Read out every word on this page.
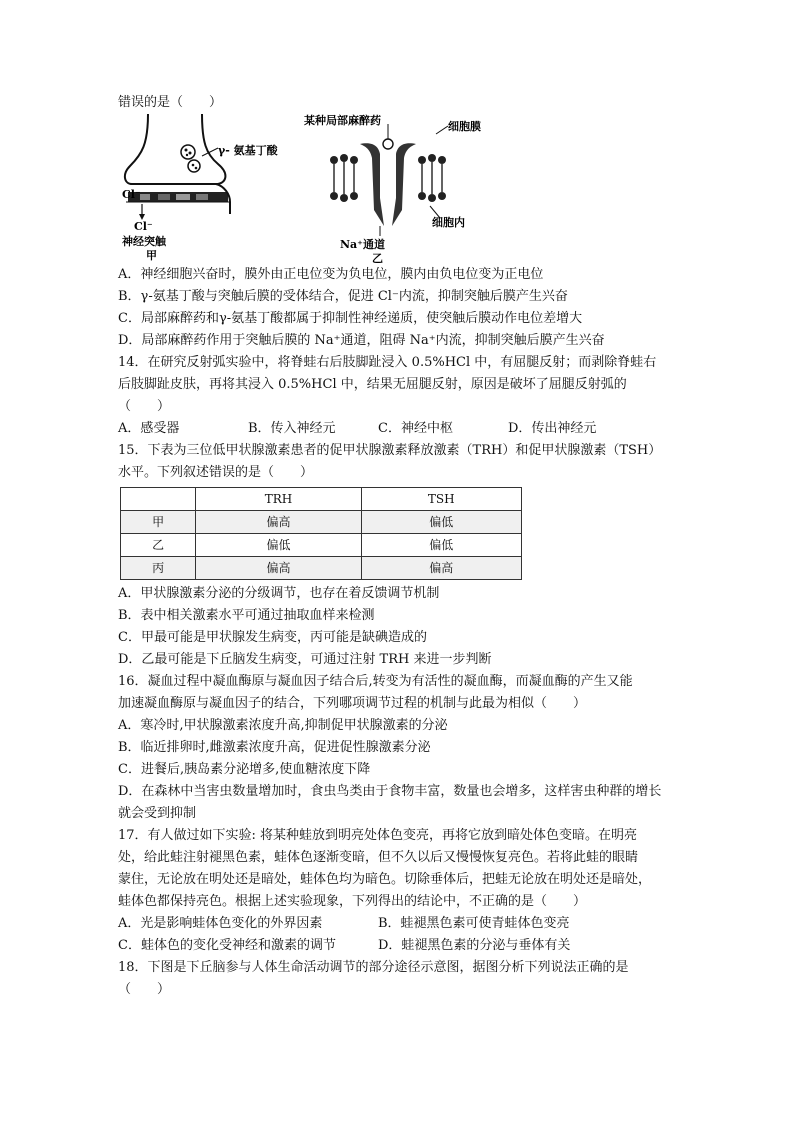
错误的是（　　）
γ- 氨基丁酸
Cl⁻
Cl⁻
神经突触
甲
某种局部麻醉药	细胞膜
细胞内
Na⁺通道
乙
A．神经细胞兴奋时，膜外由正电位变为负电位，膜内由负电位变为正电位
B．γ-氨基丁酸与突触后膜的受体结合，促进 Cl⁻内流，抑制突触后膜产生兴奋
C．局部麻醉药和γ-氨基丁酸都属于抑制性神经递质，使突触后膜动作电位差增大
D．局部麻醉药作用于突触后膜的 Na⁺通道，阻碍 Na⁺内流，抑制突触后膜产生兴奋
14．在研究反射弧实验中，将脊蛙右后肢脚趾浸入 0.5%HCl 中，有屈腿反射；而剥除脊蛙右
后肢脚趾皮肤，再将其浸入 0.5%HCl 中，结果无屈腿反射，原因是破坏了屈腿反射弧的
（　　）
A．感受器	B．传入神经元	C．神经中枢	D．传出神经元
15．下表为三位低甲状腺激素患者的促甲状腺激素释放激素（TRH）和促甲状腺激素（TSH）
水平。下列叙述错误的是（　　）
	TRH	TSH
甲	偏高	偏低
乙	偏低	偏低
丙	偏高	偏高
A．甲状腺激素分泌的分级调节，也存在着反馈调节机制
B．表中相关激素水平可通过抽取血样来检测
C．甲最可能是甲状腺发生病变，丙可能是缺碘造成的
D．乙最可能是下丘脑发生病变，可通过注射 TRH 来进一步判断
16．凝血过程中凝血酶原与凝血因子结合后,转变为有活性的凝血酶，而凝血酶的产生又能
加速凝血酶原与凝血因子的结合，下列哪项调节过程的机制与此最为相似（　　）
A．寒冷时,甲状腺激素浓度升高,抑制促甲状腺激素的分泌
B．临近排卵时,雌激素浓度升高，促进促性腺激素分泌
C．进餐后,胰岛素分泌增多,使血糖浓度下降
D．在森林中当害虫数量增加时，食虫鸟类由于食物丰富，数量也会增多，这样害虫种群的增长
就会受到抑制
17．有人做过如下实验: 将某种蛙放到明亮处体色变亮，再将它放到暗处体色变暗。在明亮
处，给此蛙注射褪黑色素，蛙体色逐渐变暗，但不久以后又慢慢恢复亮色。若将此蛙的眼睛
蒙住，无论放在明处还是暗处，蛙体色均为暗色。切除垂体后，把蛙无论放在明处还是暗处，
蛙体色都保持亮色。根据上述实验现象，下列得出的结论中，不正确的是（　　）
A．光是影响蛙体色变化的外界因素	B．蛙褪黑色素可使青蛙体色变亮
C．蛙体色的变化受神经和激素的调节	D．蛙褪黑色素的分泌与垂体有关
18．下图是下丘脑参与人体生命活动调节的部分途径示意图，据图分析下列说法正确的是
（　　）
